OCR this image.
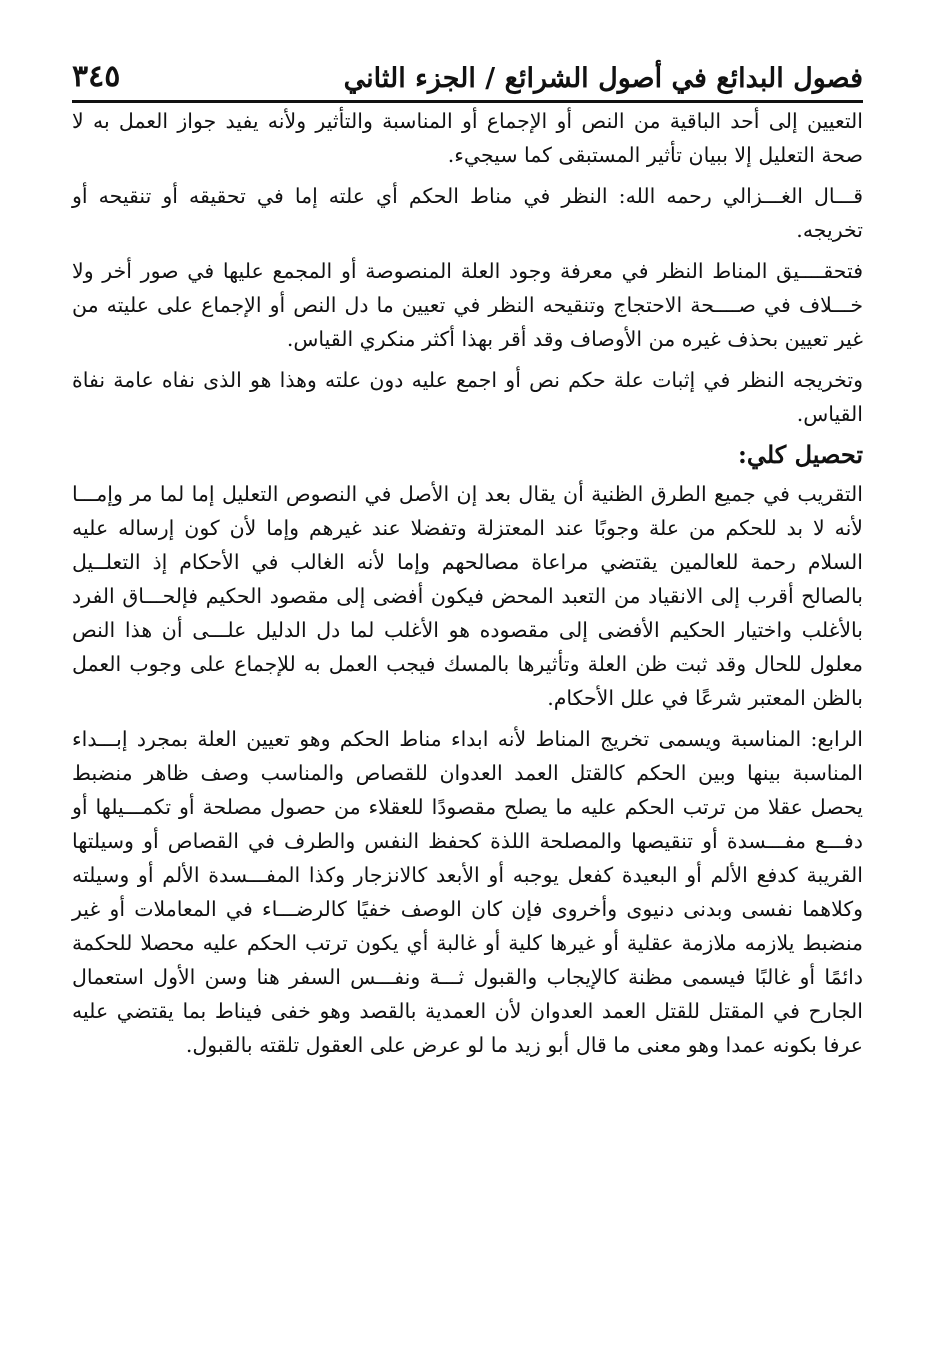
فصول البدائع في أصول الشرائع / الجزء الثاني
٣٤٥

التعيين إلى أحد الباقية من النص أو الإجماع أو المناسبة والتأثير ولأنه يفيد جواز العمل به لا صحة التعليل إلا ببيان تأثير المستبقى كما سيجيء.

قـــال الغـــزالي رحمه الله: النظر في مناط الحكم أي علته إما في تحقيقه أو تنقيحه أو تخريجه.

فتحقــــيق المناط النظر في معرفة وجود العلة المنصوصة أو المجمع عليها في صور أخر ولا خـــلاف في صــــحة الاحتجاج وتنقيحه النظر في تعيين ما دل النص أو الإجماع على عليته من غير تعيين بحذف غيره من الأوصاف وقد أقر بهذا أكثر منكري القياس.

وتخريجه النظر في إثبات علة حكم نص أو اجمع عليه دون علته وهذا هو الذى نفاه عامة نفاة القياس.

تحصيل كلي:

التقريب في جميع الطرق الظنية أن يقال بعد إن الأصل في النصوص التعليل إما لما مر وإمـــا لأنه لا بد للحكم من علة وجوبًا عند المعتزلة وتفضلا عند غيرهم وإما لأن كون إرساله عليه السلام رحمة للعالمين يقتضي مراعاة مصالحهم وإما لأنه الغالب في الأحكام إذ التعلــيل بالصالح أقرب إلى الانقياد من التعبد المحض فيكون أفضى إلى مقصود الحكيم فإلحـــاق الفرد بالأغلب واختيار الحكيم الأفضى إلى مقصوده هو الأغلب لما دل الدليل علـــى أن هذا النص معلول للحال وقد ثبت ظن العلة وتأثيرها بالمسك فيجب العمل به للإجماع على وجوب العمل بالظن المعتبر شرعًا في علل الأحكام.

الرابع: المناسبة ويسمى تخريج المناط لأنه ابداء مناط الحكم وهو تعيين العلة بمجرد إبـــداء المناسبة بينها وبين الحكم كالقتل العمد العدوان للقصاص والمناسب وصف ظاهر منضبط يحصل عقلا من ترتب الحكم عليه ما يصلح مقصودًا للعقلاء من حصول مصلحة أو تكمـــيلها أو دفـــع مفـــسدة أو تنقيصها والمصلحة اللذة كحفظ النفس والطرف في القصاص أو وسيلتها القريبة كدفع الألم أو البعيدة كفعل يوجبه أو الأبعد كالانزجار وكذا المفـــسدة الألم أو وسيلته وكلاهما نفسى وبدنى دنيوى وأخروى فإن كان الوصف خفيًا كالرضـــاء في المعاملات أو غير منضبط يلازمه ملازمة عقلية أو غيرها كلية أو غالبة أي يكون ترتب الحكم عليه محصلا للحكمة دائمًا أو غالبًا فيسمى مظنة كالإيجاب والقبول ثـــة ونفـــس السفر هنا وسن الأول استعمال الجارح في المقتل للقتل العمد العدوان لأن العمدية بالقصد وهو خفى فيناط بما يقتضي عليه عرفا بكونه عمدا وهو معنى ما قال أبو زيد ما لو عرض على العقول تلقته بالقبول.
